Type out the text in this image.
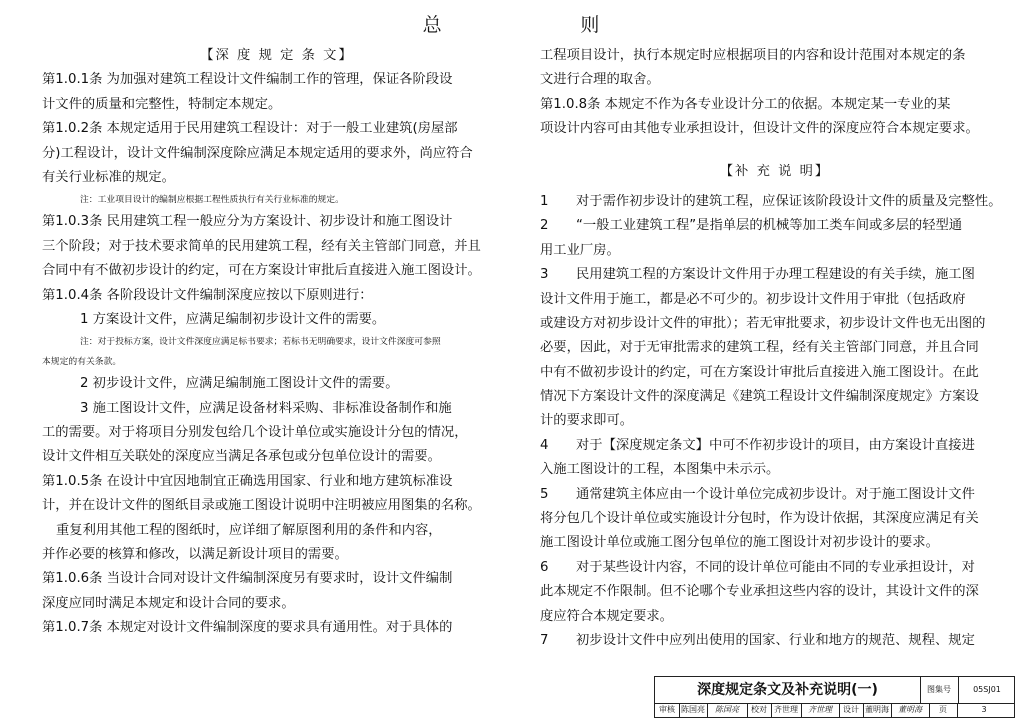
总                 则
【深 度 规 定 条 文】
第1.0.1条 为加强对建筑工程设计文件编制工作的管理，保证各阶段设
计文件的质量和完整性，特制定本规定。
第1.0.2条 本规定适用于民用建筑工程设计：对于一般工业建筑(房屋部
分)工程设计，设计文件编制深度除应满足本规定适用的要求外，尚应符合
有关行业标准的规定。
注：工业项目设计的编制应根据工程性质执行有关行业标准的规定。
第1.0.3条 民用建筑工程一般应分为方案设计、初步设计和施工图设计
三个阶段；对于技术要求简单的民用建筑工程，经有关主管部门同意，并且
合同中有不做初步设计的约定，可在方案设计审批后直接进入施工图设计。
第1.0.4条 各阶段设计文件编制深度应按以下原则进行：
1 方案设计文件，应满足编制初步设计文件的需要。
注：对于投标方案，设计文件深度应满足标书要求；若标书无明确要求，设计文件深度可参照
本规定的有关条款。
2 初步设计文件，应满足编制施工图设计文件的需要。
3 施工图设计文件，应满足设备材料采购、非标准设备制作和施
工的需要。对于将项目分别发包给几个设计单位或实施设计分包的情况，
设计文件相互关联处的深度应当满足各承包或分包单位设计的需要。
第1.0.5条 在设计中宜因地制宜正确选用国家、行业和地方建筑标准设
计，并在设计文件的图纸目录或施工图设计说明中注明被应用图集的名称。
重复利用其他工程的图纸时，应详细了解原图利用的条件和内容，
并作必要的核算和修改，以满足新设计项目的需要。
第1.0.6条 当设计合同对设计文件编制深度另有要求时，设计文件编制
深度应同时满足本规定和设计合同的要求。
第1.0.7条 本规定对设计文件编制深度的要求具有通用性。对于具体的
工程项目设计，执行本规定时应根据项目的内容和设计范围对本规定的条
文进行合理的取舍。
第1.0.8条 本规定不作为各专业设计分工的依据。本规定某一专业的某
项设计内容可由其他专业承担设计，但设计文件的深度应符合本规定要求。
【补 充 说 明】
1	对于需作初步设计的建筑工程，应保证该阶段设计文件的质量及完整性。
2	“一般工业建筑工程”是指单层的机械等加工类车间或多层的轻型通
用工业厂房。
3	民用建筑工程的方案设计文件用于办理工程建设的有关手续，施工图
设计文件用于施工，都是必不可少的。初步设计文件用于审批（包括政府
或建设方对初步设计文件的审批）；若无审批要求，初步设计文件也无出图的
必要，因此，对于无审批需求的建筑工程，经有关主管部门同意，并且合同
中有不做初步设计的约定，可在方案设计审批后直接进入施工图设计。在此
情况下方案设计文件的深度满足《建筑工程设计文件编制深度规定》方案设
计的要求即可。
4	对于【深度规定条文】中可不作初步设计的项目，由方案设计直接进
入施工图设计的工程，本图集中未示示。
5	通常建筑主体应由一个设计单位完成初步设计。对于施工图设计文件
将分包几个设计单位或实施设计分包时，作为设计依据，其深度应满足有关
施工图设计单位或施工图分包单位的施工图设计对初步设计的要求。
6	对于某些设计内容，不同的设计单位可能由不同的专业承担设计，对
此本规定不作限制。但不论哪个专业承担这些内容的设计，其设计文件的深
度应符合本规定要求。
7	初步设计文件中应列出使用的国家、行业和地方的规范、规程、规定
深度规定条文及补充说明(一)	图集号	05SJ01
审核 陈国亮	陈国亮	校对 齐世理	齐世理	设计 董明海	董明海	页	3
